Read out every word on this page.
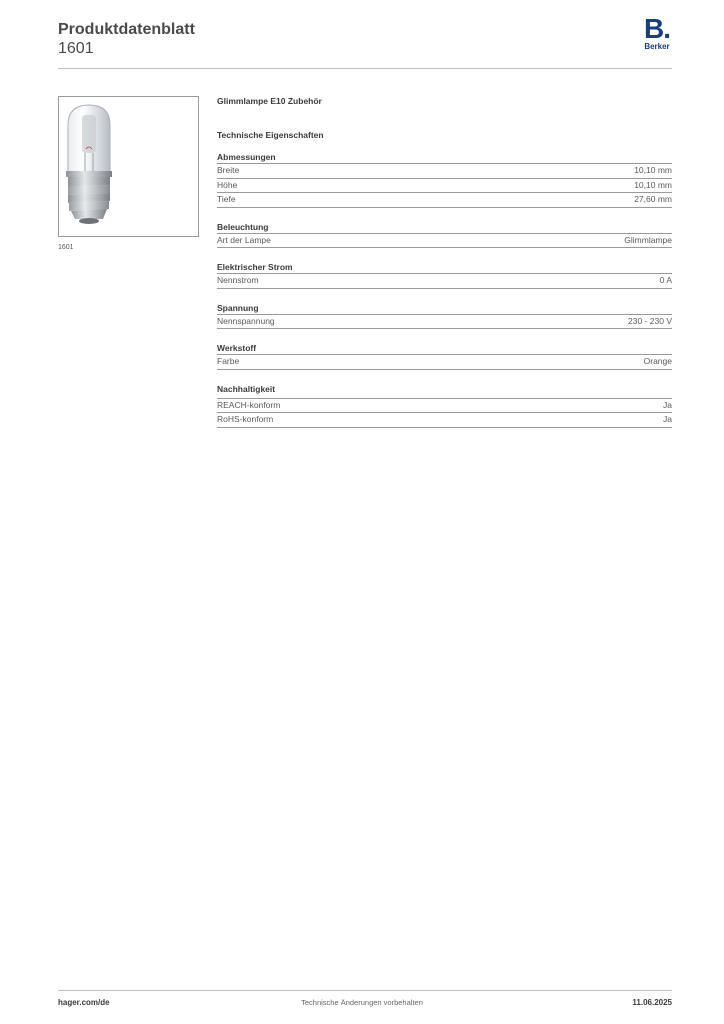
Produktdatenblatt
1601
B.
Berker
1601
Glimmlampe E10 Zubehör
Technische Eigenschaften
Abmessungen
Breite	10,10 mm
Höhe	10,10 mm
Tiefe	27,60 mm
Beleuchtung
Art der Lampe	Glimmlampe
Elektrischer Strom
Nennstrom	0 A
Spannung
Nennspannung	230 - 230 V
Werkstoff
Farbe	Orange
Nachhaltigkeit
REACH-konform	Ja
RoHS-konform	Ja
hager.com/de	Technische Änderungen vorbehalten	11.06.2025
